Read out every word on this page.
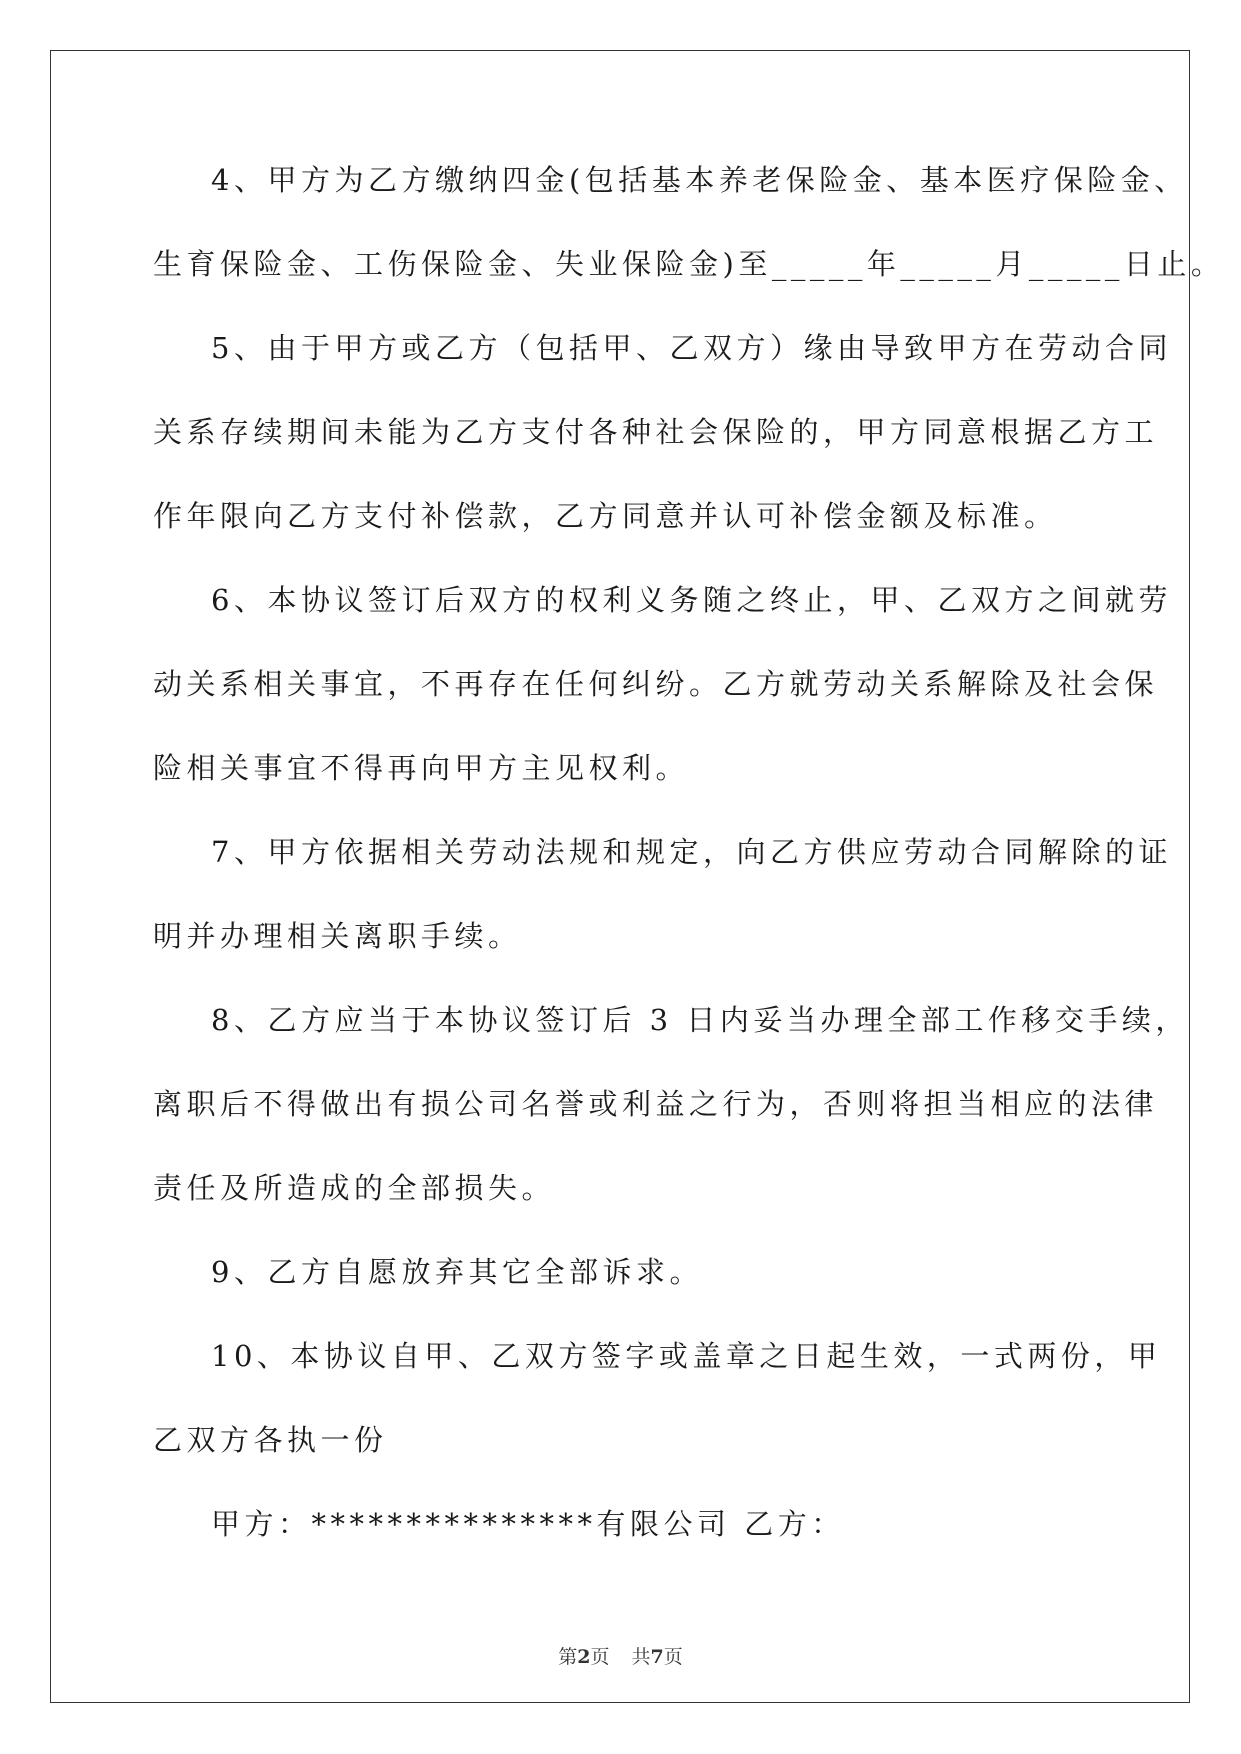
4、甲方为乙方缴纳四金(包括基本养老保险金、基本医疗保险金、
生育保险金、工伤保险金、失业保险金)至_____年_____月_____日止。
5、由于甲方或乙方（包括甲、乙双方）缘由导致甲方在劳动合同
关系存续期间未能为乙方支付各种社会保险的，甲方同意根据乙方工
作年限向乙方支付补偿款，乙方同意并认可补偿金额及标准。
6、本协议签订后双方的权利义务随之终止，甲、乙双方之间就劳
动关系相关事宜，不再存在任何纠纷。乙方就劳动关系解除及社会保
险相关事宜不得再向甲方主见权利。
7、甲方依据相关劳动法规和规定，向乙方供应劳动合同解除的证
明并办理相关离职手续。
8、乙方应当于本协议签订后 3 日内妥当办理全部工作移交手续，
离职后不得做出有损公司名誉或利益之行为，否则将担当相应的法律
责任及所造成的全部损失。
9、乙方自愿放弃其它全部诉求。
10、本协议自甲、乙双方签字或盖章之日起生效，一式两份，甲
乙双方各执一份
甲方：***************有限公司 乙方：
第2页 共7页
